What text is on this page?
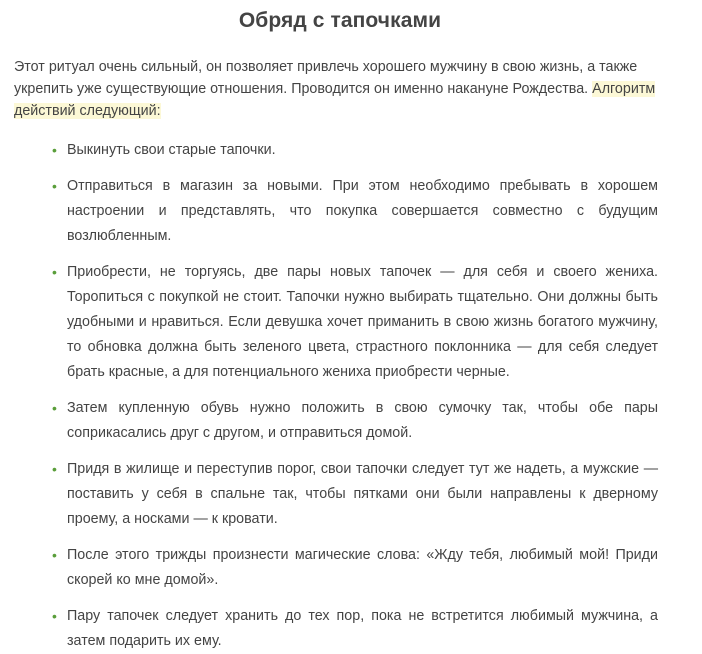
Обряд с тапочками

Этот ритуал очень сильный, он позволяет привлечь хорошего мужчину в свою жизнь, а также укрепить уже существующие отношения. Проводится он именно накануне Рождества. Алгоритм действий следующий:

• Выкинуть свои старые тапочки.
• Отправиться в магазин за новыми. При этом необходимо пребывать в хорошем настроении и представлять, что покупка совершается совместно с будущим возлюбленным.
• Приобрести, не торгуясь, две пары новых тапочек — для себя и своего жениха. Торопиться с покупкой не стоит. Тапочки нужно выбирать тщательно. Они должны быть удобными и нравиться. Если девушка хочет приманить в свою жизнь богатого мужчину, то обновка должна быть зеленого цвета, страстного поклонника — для себя следует брать красные, а для потенциального жениха приобрести черные.
• Затем купленную обувь нужно положить в свою сумочку так, чтобы обе пары соприкасались друг с другом, и отправиться домой.
• Придя в жилище и переступив порог, свои тапочки следует тут же надеть, а мужские — поставить у себя в спальне так, чтобы пятками они были направлены к дверному проему, а носками — к кровати.
• После этого трижды произнести магические слова: «Жду тебя, любимый мой! Приди скорей ко мне домой».
• Пару тапочек следует хранить до тех пор, пока не встретится любимый мужчина, а затем подарить их ему.
